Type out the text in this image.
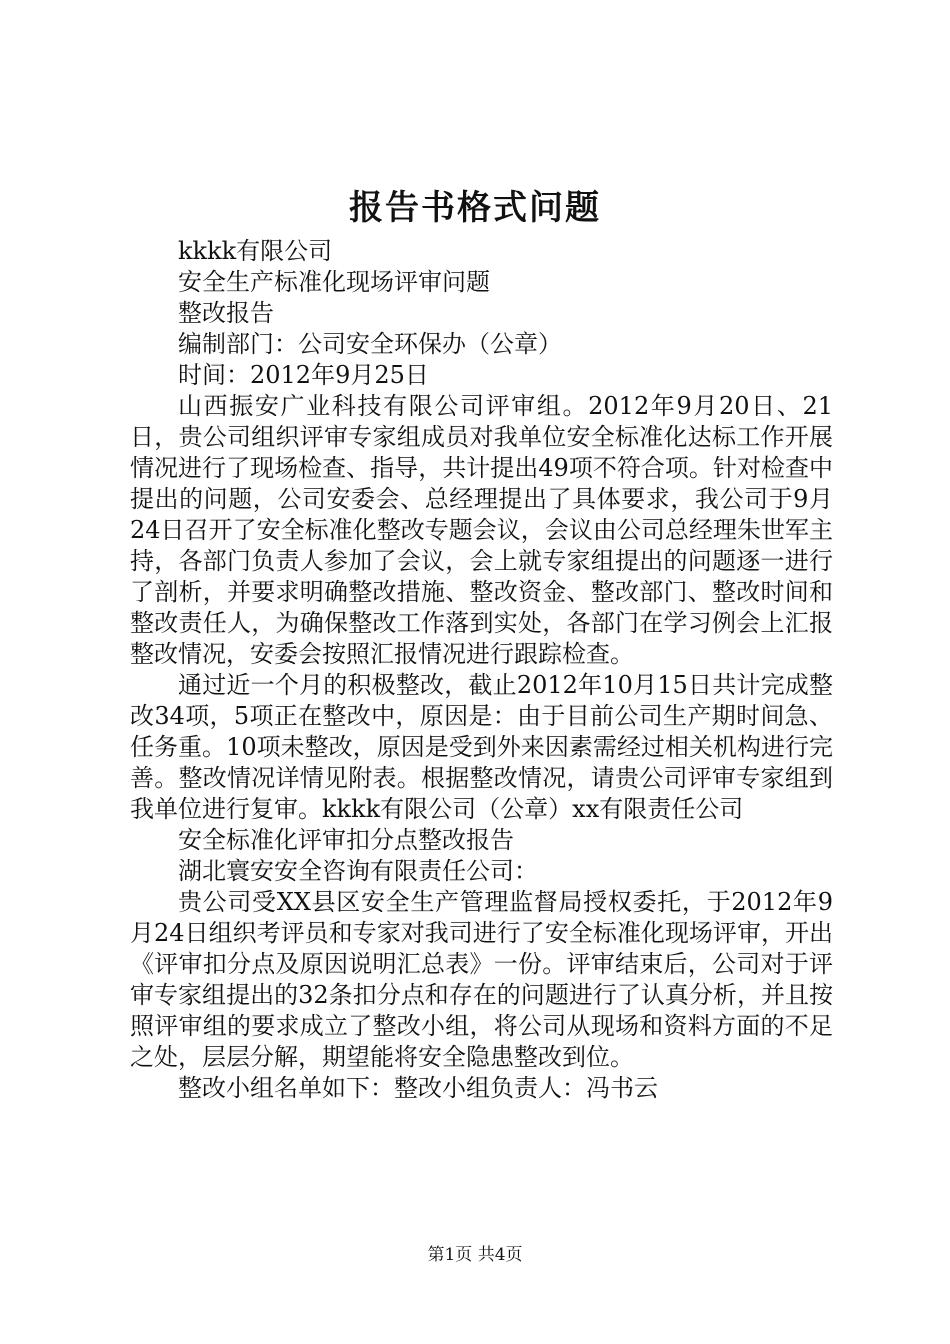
报告书格式问题

kkkk有限公司

安全生产标准化现场评审问题

整改报告

编制部门：公司安全环保办（公章）

时间：2012年9月25日

山西振安广业科技有限公司评审组。2012年9月20日、21日，贵公司组织评审专家组成员对我单位安全标准化达标工作开展情况进行了现场检查、指导，共计提出49项不符合项。针对检查中提出的问题，公司安委会、总经理提出了具体要求，我公司于9月24日召开了安全标准化整改专题会议，会议由公司总经理朱世军主持，各部门负责人参加了会议，会上就专家组提出的问题逐一进行了剖析，并要求明确整改措施、整改资金、整改部门、整改时间和整改责任人，为确保整改工作落到实处，各部门在学习例会上汇报整改情况，安委会按照汇报情况进行跟踪检查。

通过近一个月的积极整改，截止2012年10月15日共计完成整改34项，5项正在整改中，原因是：由于目前公司生产期时间急、任务重。10项未整改，原因是受到外来因素需经过相关机构进行完善。整改情况详情见附表。根据整改情况，请贵公司评审专家组到我单位进行复审。kkkk有限公司（公章）xx有限责任公司

安全标准化评审扣分点整改报告

湖北寰安安全咨询有限责任公司：

贵公司受XX县区安全生产管理监督局授权委托，于2012年9月24日组织考评员和专家对我司进行了安全标准化现场评审，开出《评审扣分点及原因说明汇总表》一份。评审结束后，公司对于评审专家组提出的32条扣分点和存在的问题进行了认真分析，并且按照评审组的要求成立了整改小组，将公司从现场和资料方面的不足之处，层层分解，期望能将安全隐患整改到位。

整改小组名单如下：整改小组负责人：冯书云

第1页 共4页
